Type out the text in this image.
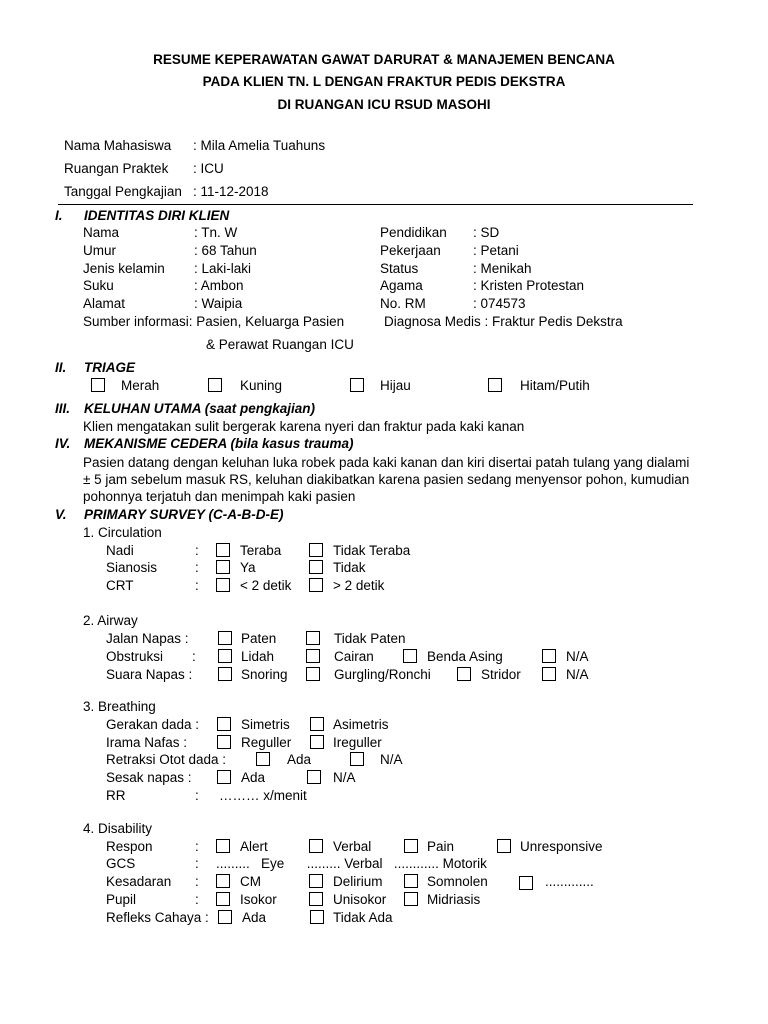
RESUME KEPERAWATAN GAWAT DARURAT & MANAJEMEN BENCANA
PADA KLIEN TN. L DENGAN FRAKTUR PEDIS DEKSTRA
DI RUANGAN ICU RSUD MASOHI
Nama Mahasiswa : Mila Amelia Tuahuns
Ruangan Praktek : ICU
Tanggal Pengkajian : 11-12-2018
I. IDENTITAS DIRI KLIEN
Nama	: Tn. W
Umur	: 68 Tahun
Jenis kelamin : Laki-laki
Suku	: Ambon
Alamat	: Waipia
Sumber informasi: Pasien, Keluarga Pasien
& Perawat Ruangan ICU
Pendidikan : SD
Pekerjaan : Petani
Status	: Menikah
Agama	: Kristen Protestan
No. RM	: 074573
Diagnosa Medis : Fraktur Pedis Dekstra
II. TRIAGE
Merah	Kuning	Hijau	Hitam/Putih
III. KELUHAN UTAMA (saat pengkajian)
Klien mengatakan sulit bergerak karena nyeri dan fraktur pada kaki kanan
IV. MEKANISME CEDERA (bila kasus trauma)
Pasien datang dengan keluhan luka robek pada kaki kanan dan kiri disertai patah tulang yang dialami
± 5 jam sebelum masuk RS, keluhan diakibatkan karena pasien sedang menyensor pohon, kumudian
pohonnya terjatuh dan menimpah kaki pasien
V. PRIMARY SURVEY (C-A-B-D-E)
1. Circulation
Nadi	:	Teraba	Tidak Teraba
Sianosis	:	Ya	Tidak
CRT	:	< 2 detik	> 2 detik
2. Airway
Jalan Napas :	Paten	Tidak Paten
Obstruksi :	Lidah	Cairan	Benda Asing	N/A
Suara Napas :	Snoring	Gurgling/Ronchi	Stridor	N/A
3. Breathing
Gerakan dada :	Simetris	Asimetris
Irama Nafas :	Reguller	Ireguller
Retraksi Otot dada :	Ada	N/A
Sesak napas :	Ada	N/A
RR	: ……… x/menit
4. Disability
Respon	:	Alert	Verbal	Pain	Unresponsive
GCS	: .........   Eye      ......... Verbal   ............ Motorik
Kesadaran :	CM	Delirium	Somnolen	.............
Pupil	:	Isokor	Unisokor	Midriasis
Refleks Cahaya : Ada	Tidak Ada
